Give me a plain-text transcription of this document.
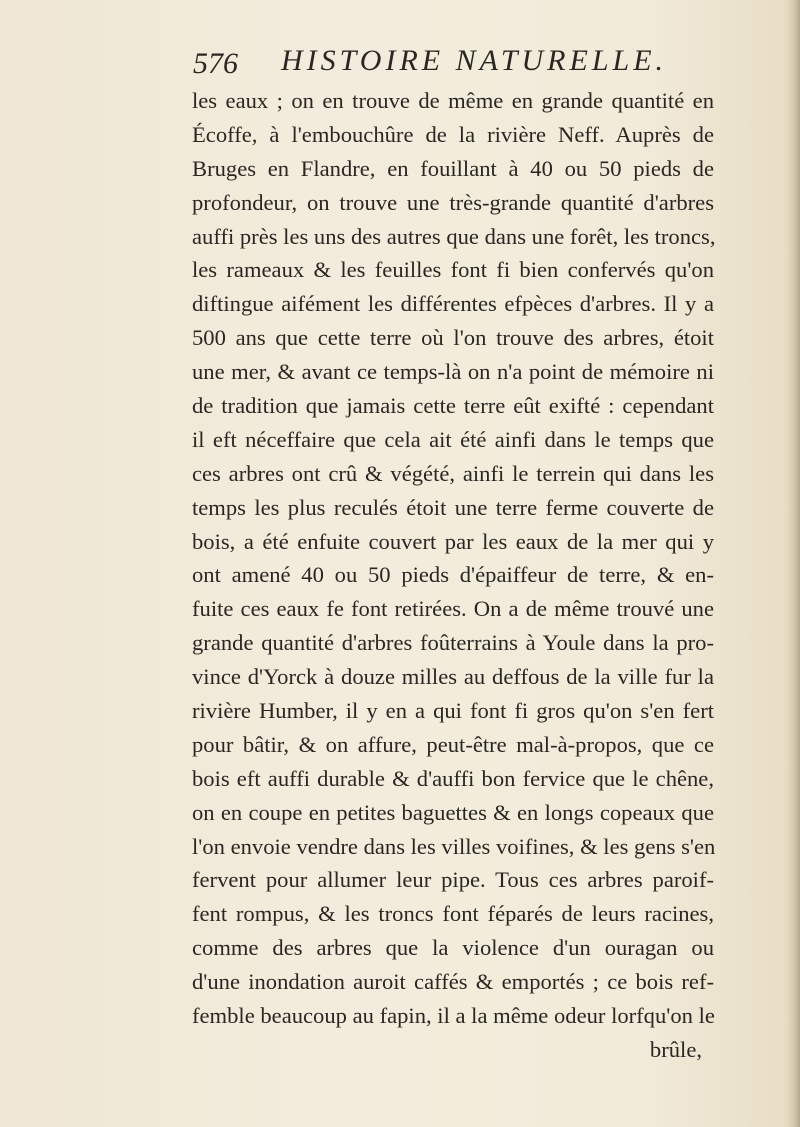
576 HISTOIRE NATURELLE.
les eaux ; on en trouve de même en grande quantité en
Écoffe, à l'embouchûre de la rivière Neff. Auprès de
Bruges en Flandre, en fouillant à 40 ou 50 pieds de
profondeur, on trouve une très-grande quantité d'arbres
auffi près les uns des autres que dans une forêt, les troncs,
les rameaux & les feuilles font fi bien confervés qu'on
diftingue aifément les différentes efpèces d'arbres. Il y a
500 ans que cette terre où l'on trouve des arbres, étoit
une mer, & avant ce temps-là on n'a point de mémoire ni
de tradition que jamais cette terre eût exifté : cependant
il eft néceffaire que cela ait été ainfi dans le temps que
ces arbres ont crû & végété, ainfi le terrein qui dans les
temps les plus reculés étoit une terre ferme couverte de
bois, a été enfuite couvert par les eaux de la mer qui y
ont amené 40 ou 50 pieds d'épaiffeur de terre, & en-
fuite ces eaux fe font retirées. On a de même trouvé une
grande quantité d'arbres foûterrains à Youle dans la pro-
vince d'Yorck à douze milles au deffous de la ville fur la
rivière Humber, il y en a qui font fi gros qu'on s'en fert
pour bâtir, & on affure, peut-être mal-à-propos, que ce
bois eft auffi durable & d'auffi bon fervice que le chêne,
on en coupe en petites baguettes & en longs copeaux que
l'on envoie vendre dans les villes voifines, & les gens s'en
fervent pour allumer leur pipe. Tous ces arbres paroif-
fent rompus, & les troncs font féparés de leurs racines,
comme des arbres que la violence d'un ouragan ou
d'une inondation auroit caffés & emportés ; ce bois ref-
femble beaucoup au fapin, il a la même odeur lorfqu'on le
brûle,
